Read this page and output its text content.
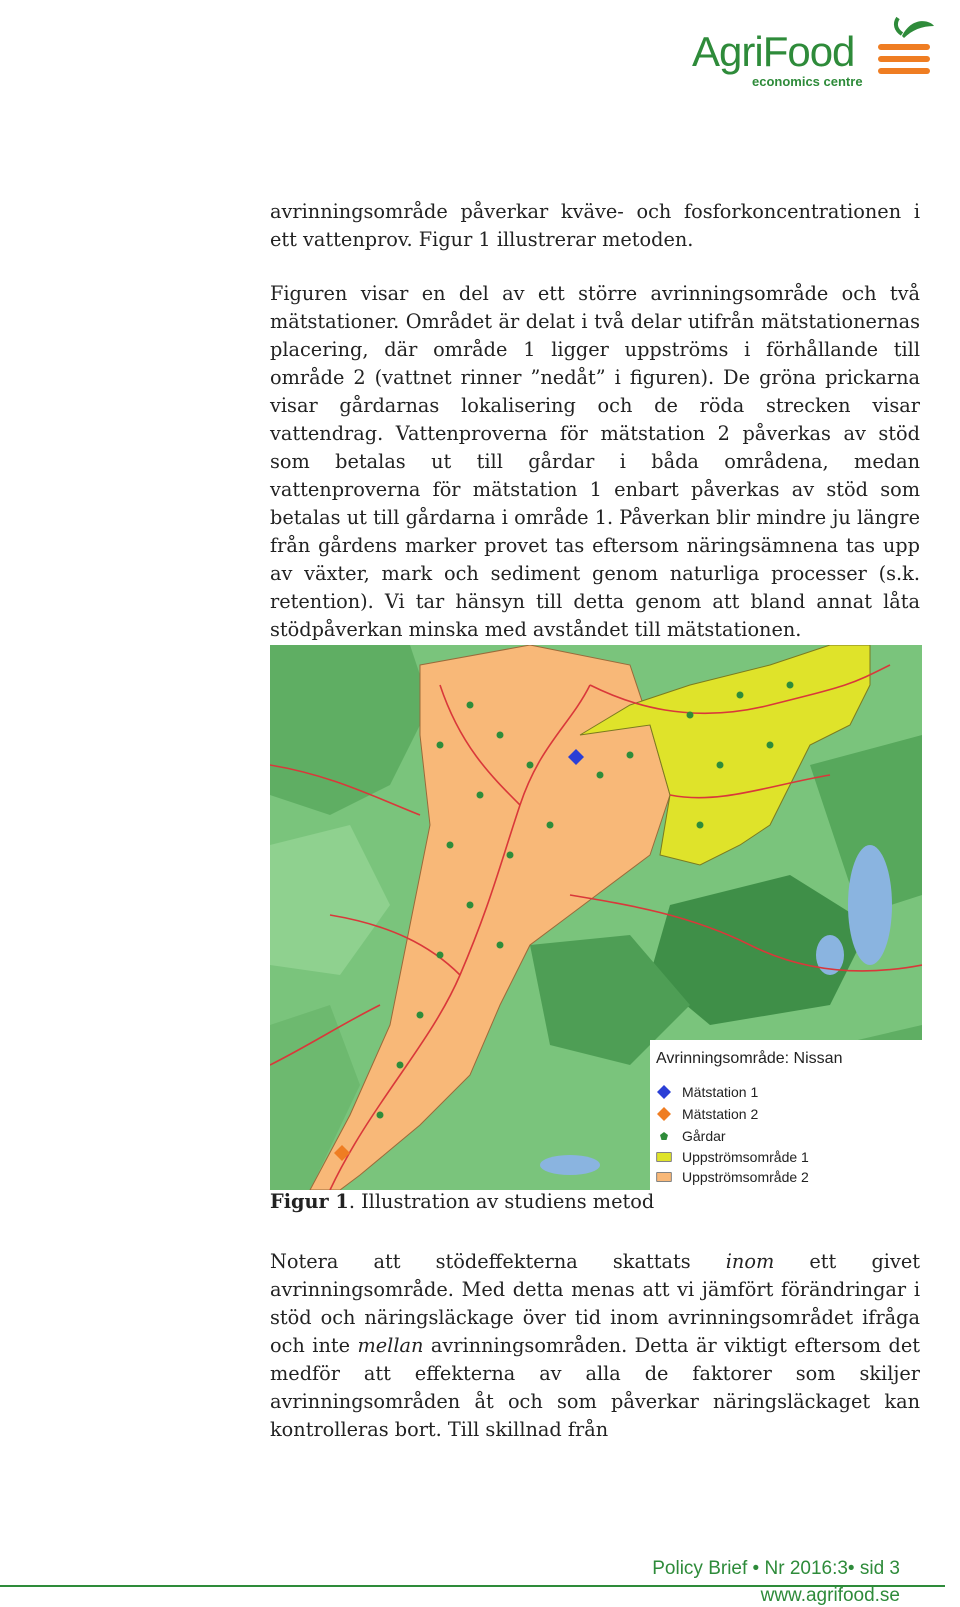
AgriFood
economics centre

avrinningsområde påverkar kväve- och fosforkoncentrationen i ett vattenprov. Figur 1 illustrerar metoden.

Figuren visar en del av ett större avrinningsområde och två mätstationer. Området är delat i två delar utifrån mätstationernas placering, där område 1 ligger uppströms i förhållande till område 2 (vattnet rinner ”nedåt” i figuren). De gröna prickarna visar gårdarnas lokalisering och de röda strecken visar vattendrag. Vattenproverna för mätstation 2 påverkas av stöd som betalas ut till gårdar i båda områdena, medan vattenproverna för mätstation 1 enbart påverkas av stöd som betalas ut till gårdarna i område 1. Påverkan blir mindre ju längre från gårdens marker provet tas eftersom näringsämnena tas upp av växter, mark och sediment genom naturliga processer (s.k. retention). Vi tar hänsyn till detta genom att bland annat låta stödpåverkan minska med avståndet till mätstationen.

Avrinningsområde: Nissan
Mätstation 1
Mätstation 2
Gårdar
Uppströmsområde 1
Uppströmsområde 2
Figur 1. Illustration av studiens metod

Notera att stödeffekterna skattats inom ett givet avrinningsområde. Med detta menas att vi jämfört förändringar i stöd och näringsläckage över tid inom avrinningsområdet ifråga och inte mellan avrinningsområden. Detta är viktigt eftersom det medför att effekterna av alla de faktorer som skiljer avrinningsområden åt och som påverkar näringsläckaget kan kontrolleras bort. Till skillnad från

Policy Brief • Nr 2016:3• sid 3
www.agrifood.se
